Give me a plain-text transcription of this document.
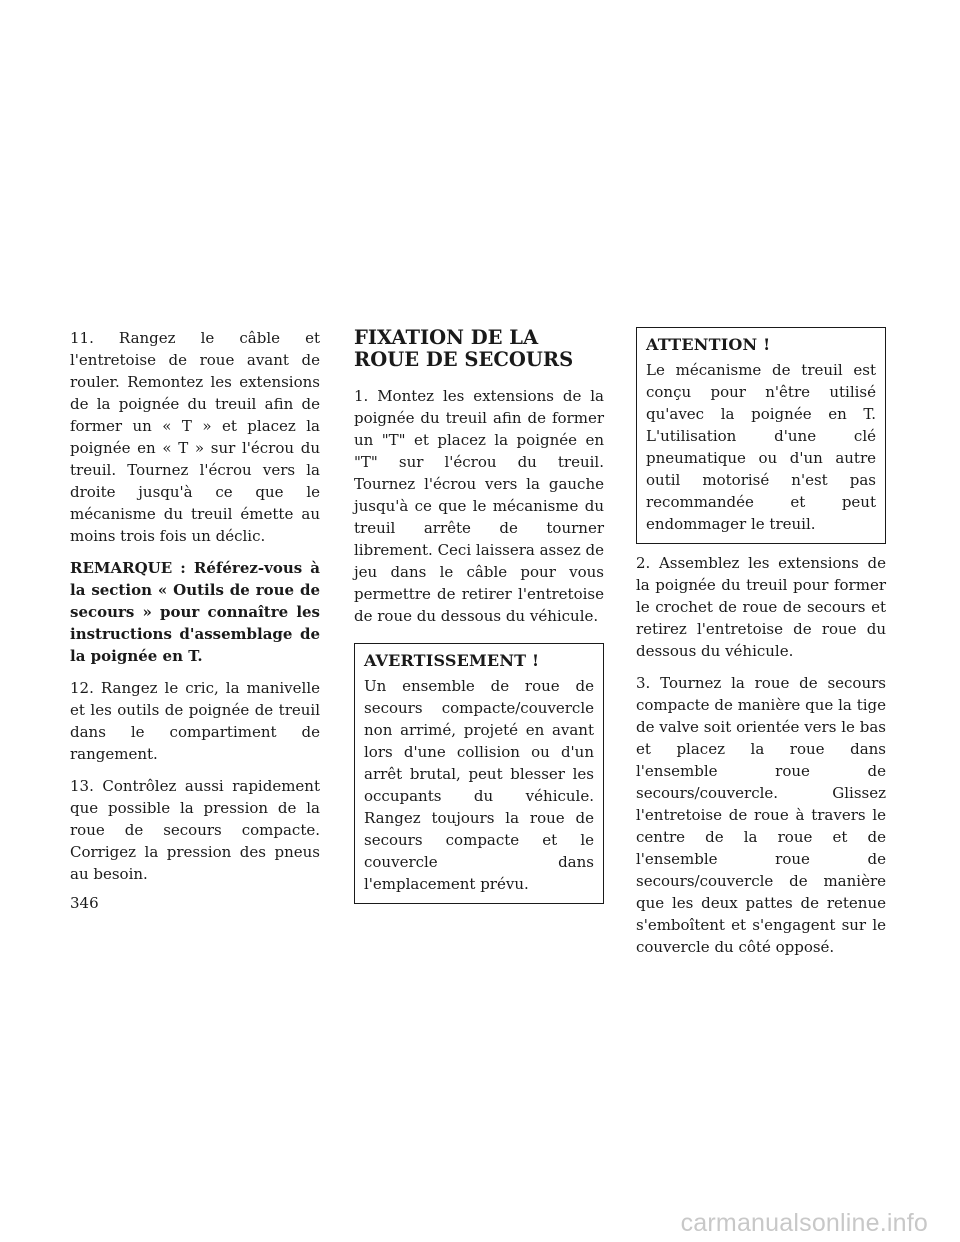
11. Rangez le câble et l'entretoise de roue avant de rouler. Remontez les extensions de la poignée du treuil afin de former un « T » et placez la poignée en « T » sur l'écrou du treuil. Tournez l'écrou vers la droite jusqu'à ce que le mécanisme du treuil émette au moins trois fois un déclic.

REMARQUE : Référez-vous à la section « Outils de roue de secours » pour connaître les instructions d'assemblage de la poignée en T.

12. Rangez le cric, la manivelle et les outils de poignée de treuil dans le compartiment de rangement.

13. Contrôlez aussi rapidement que possible la pression de la roue de secours compacte. Corrigez la pression des pneus au besoin.

FIXATION DE LA ROUE DE SECOURS

1. Montez les extensions de la poignée du treuil afin de former un "T" et placez la poignée en "T" sur l'écrou du treuil. Tournez l'écrou vers la gauche jusqu'à ce que le mécanisme du treuil arrête de tourner librement. Ceci laissera assez de jeu dans le câble pour vous permettre de retirer l'entretoise de roue du dessous du véhicule.

AVERTISSEMENT !

Un ensemble de roue de secours compacte/couvercle non arrimé, projeté en avant lors d'une collision ou d'un arrêt brutal, peut blesser les occupants du véhicule. Rangez toujours la roue de secours compacte et le couvercle dans l'emplacement prévu.

ATTENTION !

Le mécanisme de treuil est conçu pour n'être utilisé qu'avec la poignée en T. L'utilisation d'une clé pneumatique ou d'un autre outil motorisé n'est pas recommandée et peut endommager le treuil.

2. Assemblez les extensions de la poignée du treuil pour former le crochet de roue de secours et retirez l'entretoise de roue du dessous du véhicule.

3. Tournez la roue de secours compacte de manière que la tige de valve soit orientée vers le bas et placez la roue dans l'ensemble roue de secours/couvercle. Glissez l'entretoise de roue à travers le centre de la roue et de l'ensemble roue de secours/couvercle de manière que les deux pattes de retenue s'emboîtent et s'engagent sur le couvercle du côté opposé.

346
carmanualsonline.info
